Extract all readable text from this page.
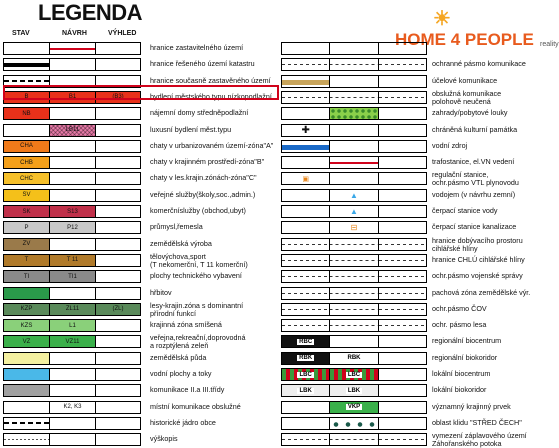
LEGENDA	☀
HOME 4 PEOPLE reality
STAV	NÁVRH	VÝHLED
hranice zastavitelného území
hranice řešeného území katastru
hranice současně zastavěného území
B	B1	(B3)	bydlení městského typu nízkopodlažní
NB	nájemní domy středněpodlažní
LB11	luxusní bydlení měst.typu
CHA	chaty v urbanizovaném území-zóna"A"
CHB	chaty v krajinném prostředí-zóna"B"
CHC	chaty v les.krajin.zónách-zóna"C"
SV	veřejné služby(školy,soc.,admin.)
SK	S13	komerčníslužby (obchod,ubyt)
P	P12	průmysl,řemesla
ZV	zemědělská výroba
T	T 11	tělovýchova,sport
(T nekomerční, T 11 komerční)
TI	TI1	plochy technického vybavení
hřbitov
KZP	ZL11	(ZL)	lesy-krajin.zóna s dominantní
přírodní funkcí
KZS	L1	krajinná zóna smíšená
VZ	VZ11	veřejna,rekreační,doprovodná
a rozptýlená zeleň
zemědělská půda
vodní plochy a toky
komunikace II.a III.třídy
K2, K3	místní komunikace obslužné
historické jádro obce
výškopis
ochranné pásmo komunikace
účelové komunikace
obslužná komunikace
polohově neučená
zahrady/pobytové louky
✚	chráněná kulturní památka
vodní zdroj
trafostanice, el.VN vedení
▣	regulační stanice,
ochr.pásmo VTL plynovodu
▲	vodojem (v návrhu zemní)
▲	čerpací stanice vody
⊟	čerpací stanice kanalizace
hranice dobývacího prostoru
cihlářské hlíny
hranice CHLÚ cihlářské hlíny
ochr.pásmo vojenské správy
pachová zóna zemědělské výr.
ochr.pásmo ČOV
ochr. pásmo lesa
RBC	regionální biocentrum
RBK	RBK	regionální biokoridor
LBC	LBC	lokální biocentrum
LBK	LBK	lokální biokoridor
VKP	významný krajinný prvek
oblast klidu "STŘED ČECH"
vymezení záplavového území
Záhořanského potoka
